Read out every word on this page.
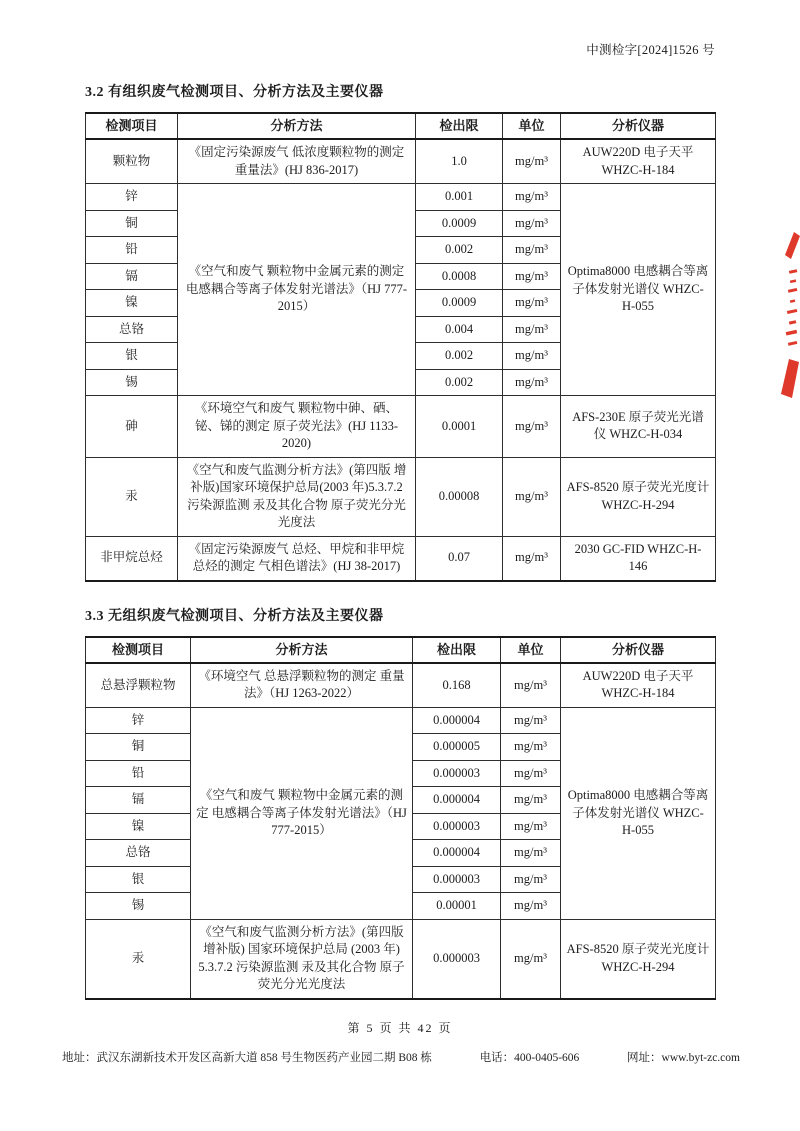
中测检字[2024]1526 号
3.2 有组织废气检测项目、分析方法及主要仪器
检测项目	分析方法	检出限	单位	分析仪器
颗粒物	《固定污染源废气 低浓度颗粒物的测定 重量法》(HJ 836-2017)	1.0	mg/m³	AUW220D 电子天平 WHZC-H-184
锌	《空气和废气 颗粒物中金属元素的测定 电感耦合等离子体发射光谱法》（HJ 777-2015）	0.001	mg/m³	Optima8000 电感耦合等离子体发射光谱仪 WHZC-H-055
铜		0.0009	mg/m³	
铅		0.002	mg/m³	
镉		0.0008	mg/m³	
镍		0.0009	mg/m³	
总铬		0.004	mg/m³	
银		0.002	mg/m³	
锡		0.002	mg/m³	
砷	《环境空气和废气 颗粒物中砷、硒、铋、锑的测定 原子荧光法》(HJ 1133-2020)	0.0001	mg/m³	AFS-230E 原子荧光光谱仪 WHZC-H-034
汞	《空气和废气监测分析方法》(第四版 增补版)国家环境保护总局(2003 年)5.3.7.2 污染源监测 汞及其化合物 原子荧光分光光度法	0.00008	mg/m³	AFS-8520 原子荧光光度计 WHZC-H-294
非甲烷总烃	《固定污染源废气 总烃、甲烷和非甲烷总烃的测定 气相色谱法》(HJ 38-2017)	0.07	mg/m³	2030 GC-FID WHZC-H-146
3.3 无组织废气检测项目、分析方法及主要仪器
检测项目	分析方法	检出限	单位	分析仪器
总悬浮颗粒物	《环境空气 总悬浮颗粒物的测定 重量法》（HJ 1263-2022）	0.168	mg/m³	AUW220D 电子天平 WHZC-H-184
锌	《空气和废气 颗粒物中金属元素的测定 电感耦合等离子体发射光谱法》（HJ 777-2015）	0.000004	mg/m³	Optima8000 电感耦合等离子体发射光谱仪 WHZC-H-055
铜		0.000005	mg/m³	
铅		0.000003	mg/m³	
镉		0.000004	mg/m³	
镍		0.000003	mg/m³	
总铬		0.000004	mg/m³	
银		0.000003	mg/m³	
锡		0.00001	mg/m³	
汞	《空气和废气监测分析方法》(第四版 增补版) 国家环境保护总局 (2003 年) 5.3.7.2 污染源监测 汞及其化合物 原子荧光分光光度法	0.000003	mg/m³	AFS-8520 原子荧光光度计 WHZC-H-294
第 5 页 共 42 页
地址：武汉东湖新技术开发区高新大道 858 号生物医药产业园二期 B08 栋	电话：400-0405-606	网址：www.byt-zc.com
